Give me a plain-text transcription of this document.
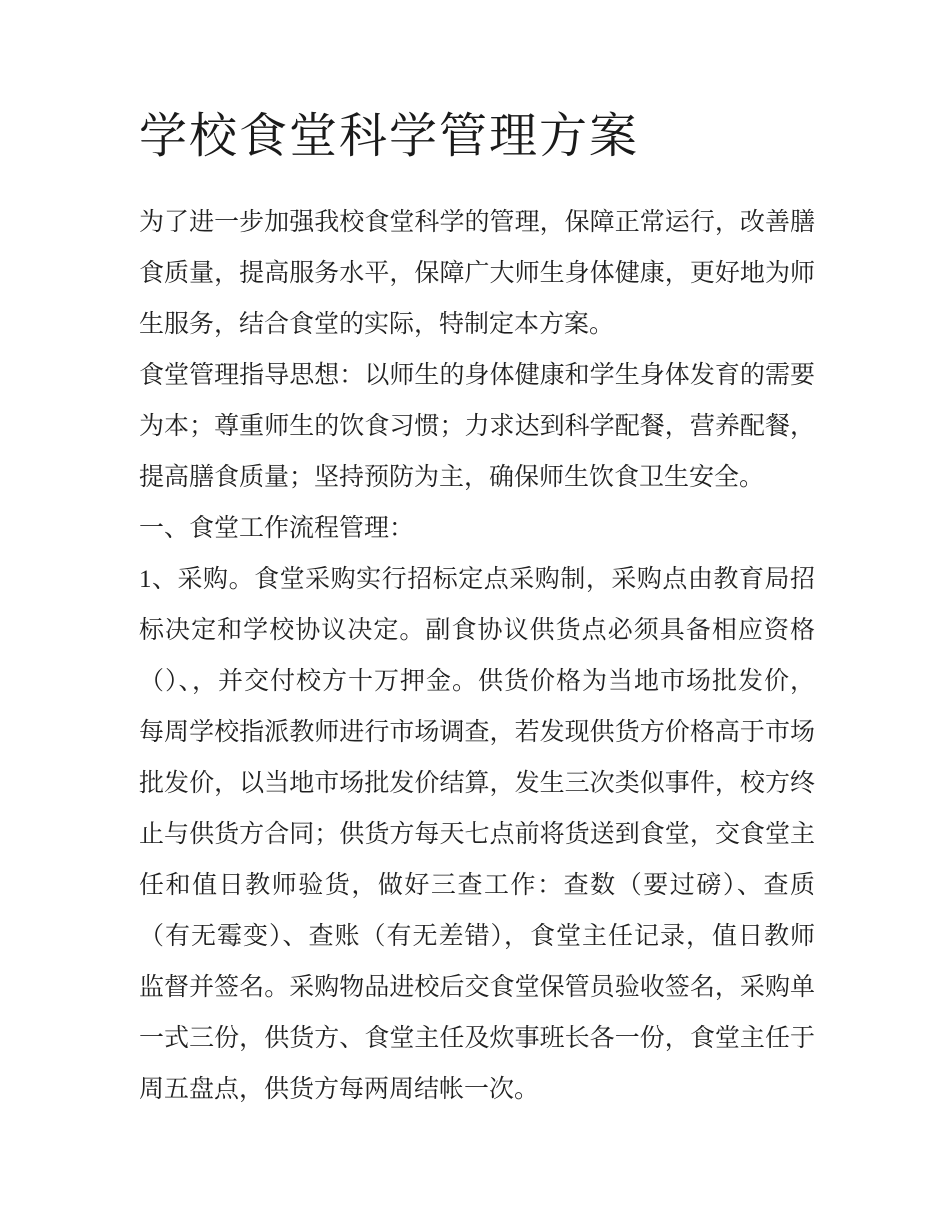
学校食堂科学管理方案
为了进一步加强我校食堂科学的管理，保障正常运行，改善膳
食质量，提高服务水平，保障广大师生身体健康，更好地为师
生服务，结合食堂的实际，特制定本方案。
食堂管理指导思想：以师生的身体健康和学生身体发育的需要
为本；尊重师生的饮食习惯；力求达到科学配餐，营养配餐，
提高膳食质量；坚持预防为主，确保师生饮食卫生安全。
一、食堂工作流程管理：
1、采购。食堂采购实行招标定点采购制，采购点由教育局招
标决定和学校协议决定。副食协议供货点必须具备相应资格
（）、，并交付校方十万押金。供货价格为当地市场批发价，
每周学校指派教师进行市场调查，若发现供货方价格高于市场
批发价，以当地市场批发价结算，发生三次类似事件，校方终
止与供货方合同；供货方每天七点前将货送到食堂，交食堂主
任和值日教师验货，做好三查工作：查数（要过磅）、查质
（有无霉变）、查账（有无差错），食堂主任记录，值日教师
监督并签名。采购物品进校后交食堂保管员验收签名，采购单
一式三份，供货方、食堂主任及炊事班长各一份，食堂主任于
周五盘点，供货方每两周结帐一次。
